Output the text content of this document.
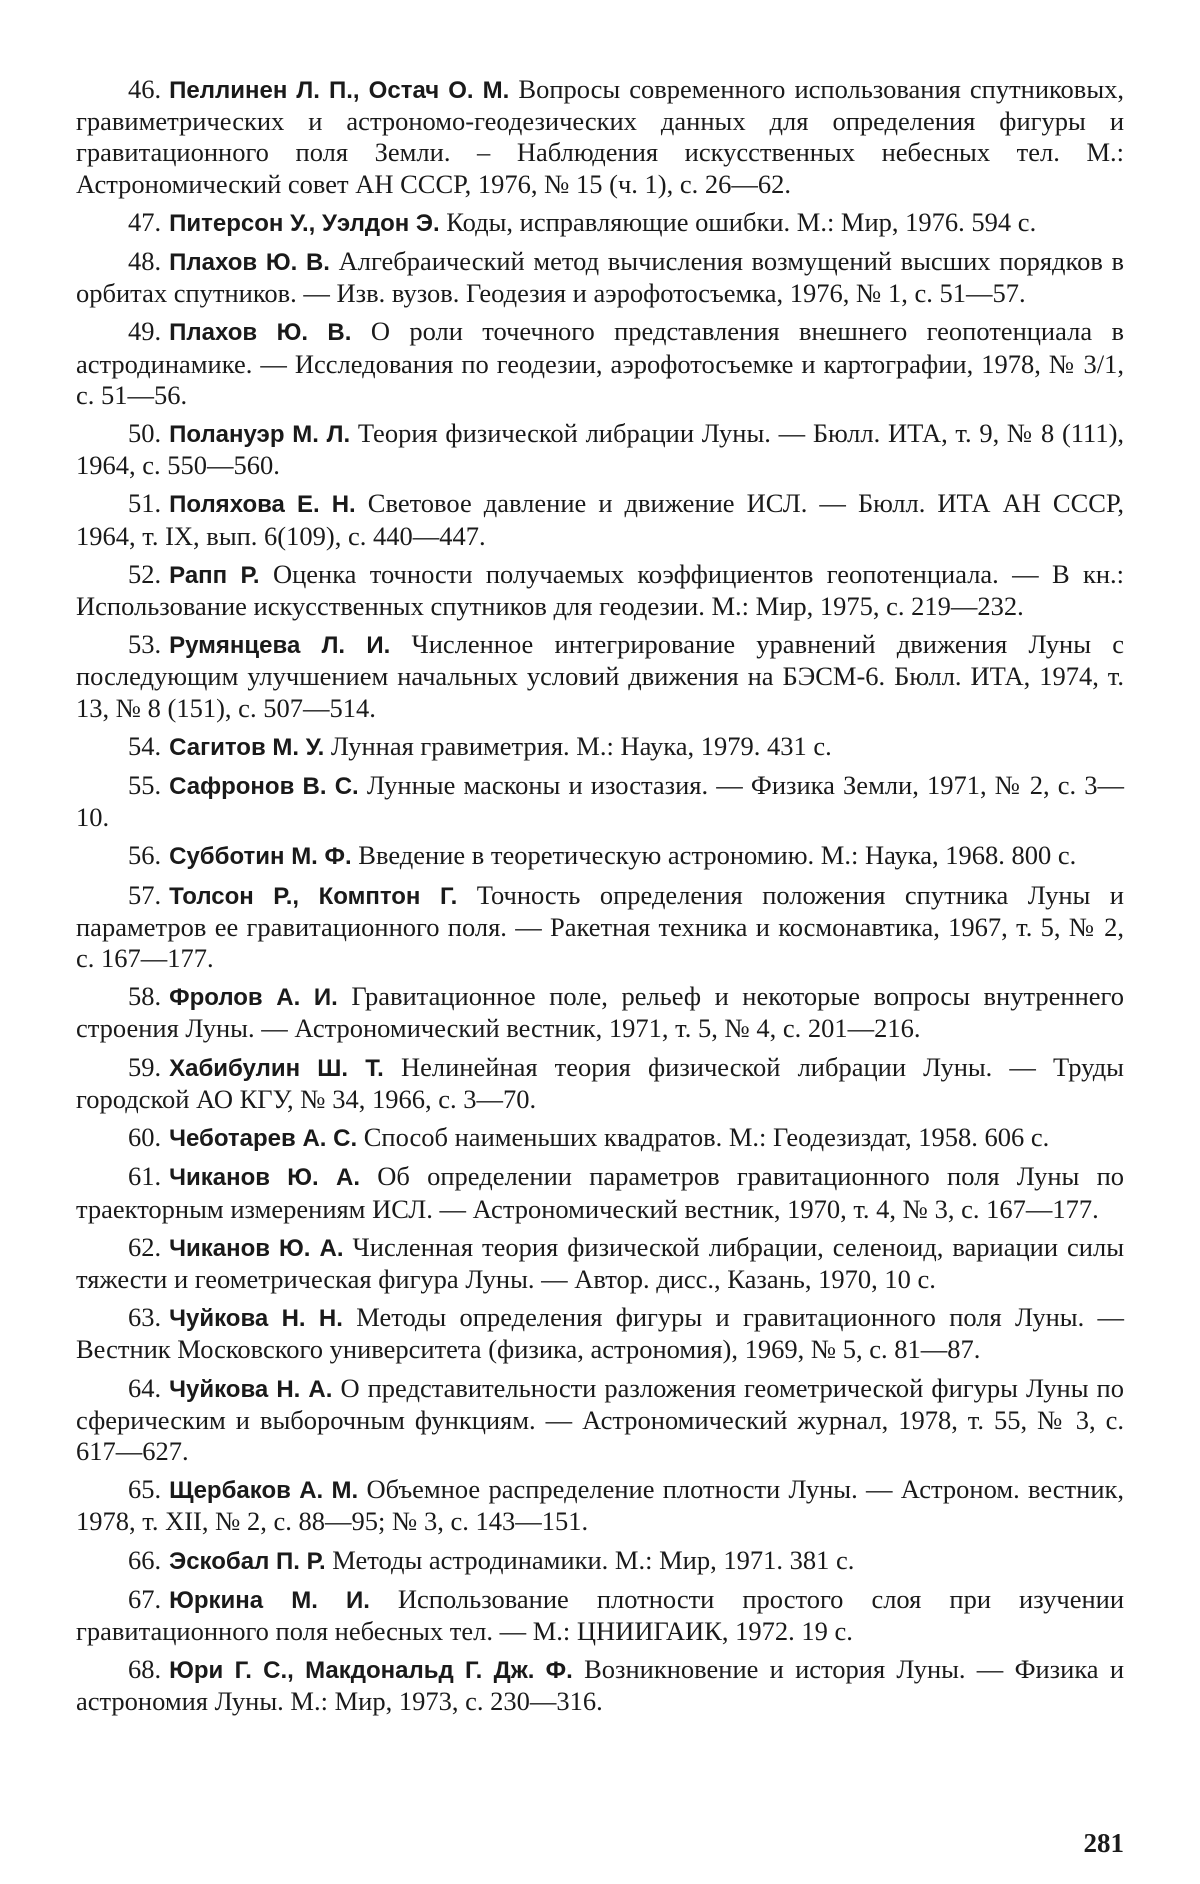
46. Пеллинен Л. П., Остач О. М. Вопросы современного использования спутниковых, гравиметрических и астрономо-геодезических данных для определения фигуры и гравитационного поля Земли. – Наблюдения искусственных небесных тел. М.: Астрономический совет АН СССР, 1976, № 15 (ч. 1), с. 26—62.

47. Питерсон У., Уэлдон Э. Коды, исправляющие ошибки. М.: Мир, 1976. 594 с.

48. Плахов Ю. В. Алгебраический метод вычисления возмущений высших порядков в орбитах спутников. — Изв. вузов. Геодезия и аэрофотосъемка, 1976, № 1, с. 51—57.

49. Плахов Ю. В. О роли точечного представления внешнего геопотенциала в астродинамике. — Исследования по геодезии, аэрофотосъемке и картографии, 1978, № 3/1, с. 51—56.

50. Полануэр М. Л. Теория физической либрации Луны. — Бюлл. ИТА, т. 9, № 8 (111), 1964, с. 550—560.

51. Поляхова Е. Н. Световое давление и движение ИСЛ. — Бюлл. ИТА АН СССР, 1964, т. IX, вып. 6(109), с. 440—447.

52. Рапп Р. Оценка точности получаемых коэффициентов геопотенциала. — В кн.: Использование искусственных спутников для геодезии. М.: Мир, 1975, с. 219—232.

53. Румянцева Л. И. Численное интегрирование уравнений движения Луны с последующим улучшением начальных условий движения на БЭСМ-6. Бюлл. ИТА, 1974, т. 13, № 8 (151), с. 507—514.

54. Сагитов М. У. Лунная гравиметрия. М.: Наука, 1979. 431 с.

55. Сафронов В. С. Лунные масконы и изостазия. — Физика Земли, 1971, № 2, с. 3—10.

56. Субботин М. Ф. Введение в теоретическую астрономию. М.: Наука, 1968. 800 с.

57. Толсон Р., Комптон Г. Точность определения положения спутника Луны и параметров ее гравитационного поля. — Ракетная техника и космонавтика, 1967, т. 5, № 2, с. 167—177.

58. Фролов А. И. Гравитационное поле, рельеф и некоторые вопросы внутреннего строения Луны. — Астрономический вестник, 1971, т. 5, № 4, с. 201—216.

59. Хабибулин Ш. Т. Нелинейная теория физической либрации Луны. — Труды городской АО КГУ, № 34, 1966, с. 3—70.

60. Чеботарев А. С. Способ наименьших квадратов. М.: Геодезиздат, 1958. 606 с.

61. Чиканов Ю. А. Об определении параметров гравитационного поля Луны по траекторным измерениям ИСЛ. — Астрономический вестник, 1970, т. 4, № 3, с. 167—177.

62. Чиканов Ю. А. Численная теория физической либрации, селеноид, вариации силы тяжести и геометрическая фигура Луны. — Автор. дисс., Казань, 1970, 10 с.

63. Чуйкова Н. Н. Методы определения фигуры и гравитационного поля Луны. — Вестник Московского университета (физика, астрономия), 1969, № 5, с. 81—87.

64. Чуйкова Н. А. О представительности разложения геометрической фигуры Луны по сферическим и выборочным функциям. — Астрономический журнал, 1978, т. 55, № 3, с. 617—627.

65. Щербаков А. М. Объемное распределение плотности Луны. — Астроном. вестник, 1978, т. XII, № 2, с. 88—95; № 3, с. 143—151.

66. Эскобал П. Р. Методы астродинамики. М.: Мир, 1971. 381 с.

67. Юркина М. И. Использование плотности простого слоя при изучении гравитационного поля небесных тел. — М.: ЦНИИГАИК, 1972. 19 с.

68. Юри Г. С., Макдональд Г. Дж. Ф. Возникновение и история Луны. — Физика и астрономия Луны. М.: Мир, 1973, с. 230—316.

281
